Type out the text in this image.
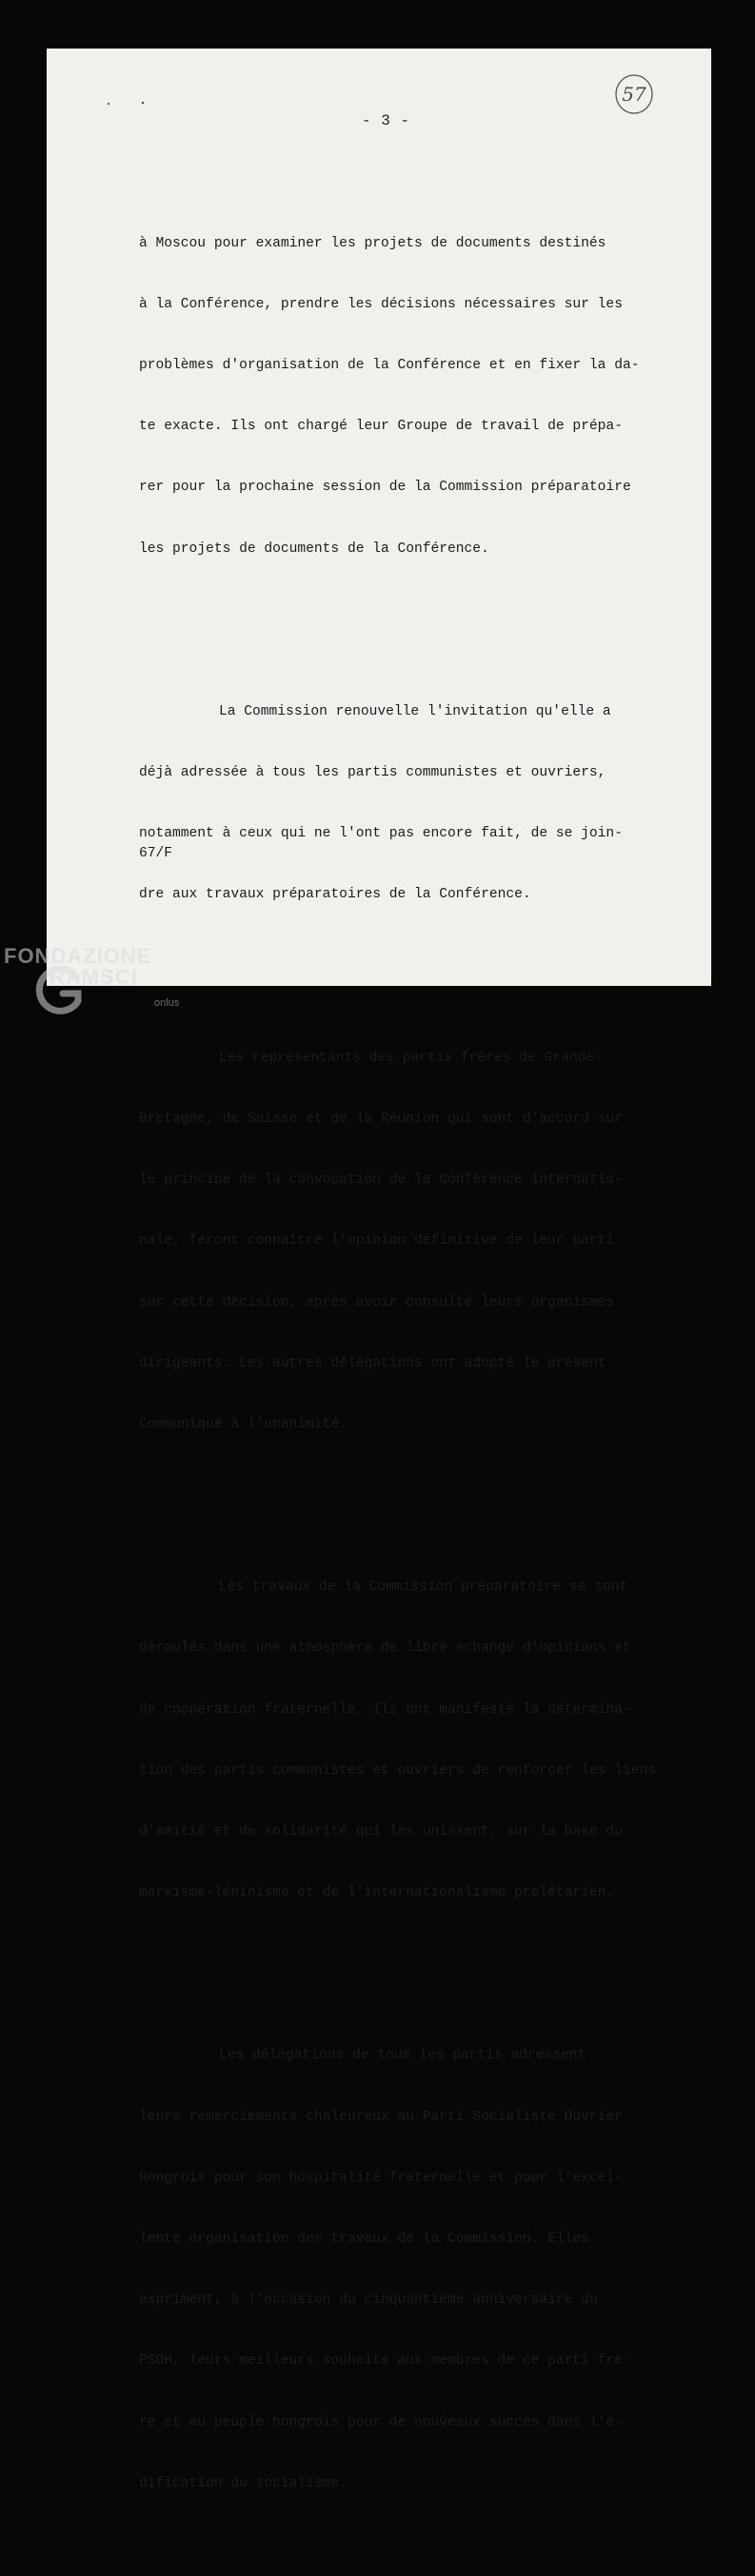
57
- 3 -

à Moscou pour examiner les projets de documents destinés

à la Conférence, prendre les décisions nécessaires sur les

problèmes d'organisation de la Conférence et en fixer la da-

te exacte. Ils ont chargé leur Groupe de travail de prépa-

rer pour la prochaine session de la Commission préparatoire

les projets de documents de la Conférence.

La Commission renouvelle l'invitation qu'elle a

déjà adressée à tous les partis communistes et ouvriers,

notamment à ceux qui ne l'ont pas encore fait, de se join-

dre aux travaux préparatoires de la Conférence.

Les représentants des partis frères de Grande-

Bretagne, de Suisse et de la Réunion qui sont d'accord sur

le principe de la convocation de la Conférence internatio-

nale, feront connaître l'opinion définitive de leur parti

sur cette décision, après avoir consulté leurs organismes

dirigeants. Les autres délégations ont adopté le présent

Communiqué à l'unanimité.

Les travaux de la Commission préparatoire se sont

déroulés dans une atmosphère de libre échange d'opinions et

de coopération fraternelle. Ils ont manifesté la détermina-

tion des partis communistes et ouvriers de renforcer les liens

d'amitié et de solidarité qui les unissent, sur la base du

marxisme-léninisme et de l'internationalisme prolétarien.

Les délégations de tous les partis adressent

leurs remerciements chaleureux au Parti Socialiste Ouvrier

Hongrois pour son hospitalité fraternelle et pour l'excel-

lente organisation des travaux de la Commission. Elles

expriment, à l'occasion du cinquantième anniversaire du

PSOH, leurs meilleurs souhaits aux membres de ce parti frè-

re et au peuple hongrois pour de nouveaux succès dans l'é-

dification du socialisme.

67/F
FONDAZIONE
RAMSCI
onlus
